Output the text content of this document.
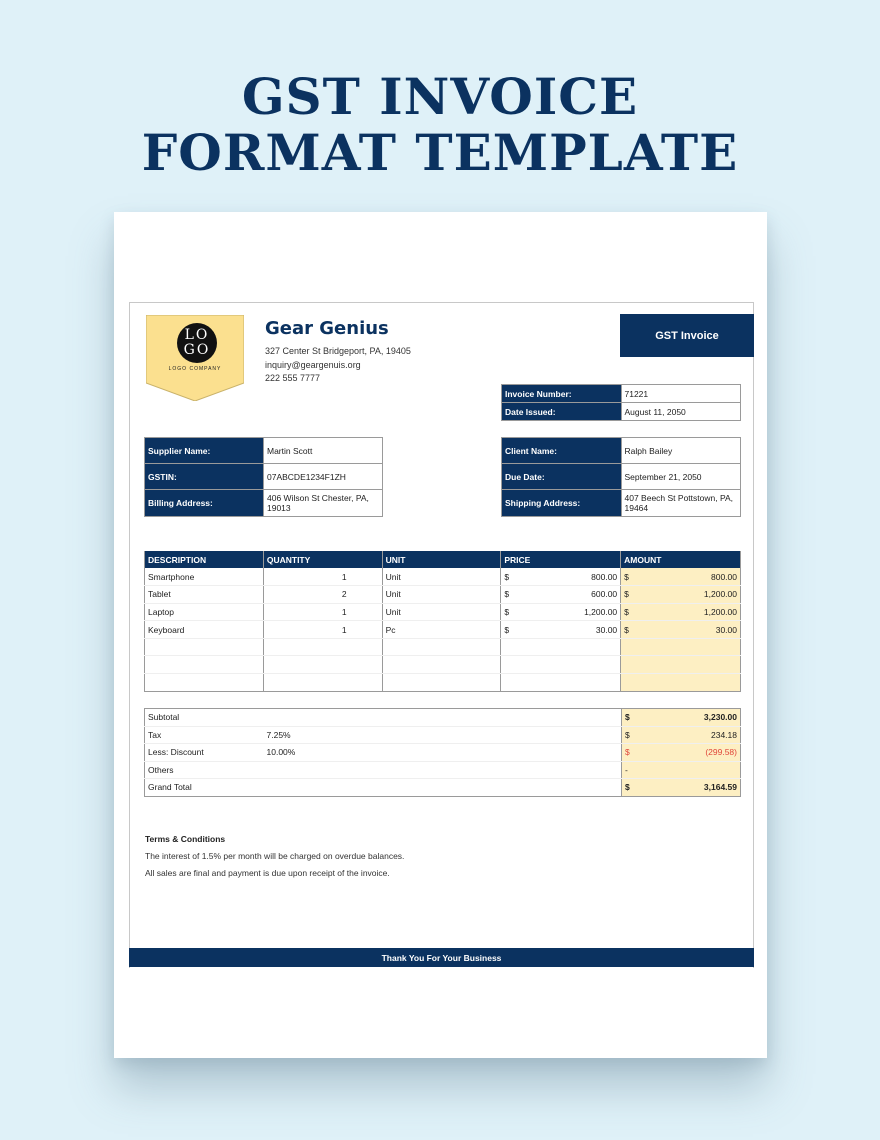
GST INVOICE
FORMAT TEMPLATE
LO
GO
LOGO COMPANY
Gear Genius
327 Center St Bridgeport, PA, 19405
inquiry@geargenuis.org
222 555 7777
GST Invoice
Invoice Number:	71221
Date Issued:	August 11, 2050
Supplier Name:	Martin Scott
GSTIN:	07ABCDE1234F1ZH
Billing Address:	406 Wilson St Chester, PA, 19013
Client Name:	Ralph Bailey
Due Date:	September 21, 2050
Shipping Address:	407 Beech St Pottstown, PA, 19464
DESCRIPTION	QUANTITY	UNIT	PRICE	AMOUNT
Smartphone	1	Unit	$ 800.00	$ 800.00

Tablet	2	Unit	$ 600.00	$ 1,200.00

Laptop	1	Unit	$ 1,200.00	$ 1,200.00

Keyboard	1	Pc	$ 30.00	$ 30.00

Subtotal				$ 3,230.00

Tax	7.25%			$ 234.18

Less: Discount	10.00%			$ (299.58)

Others				-

Grand Total				$ 3,164.59
Terms & Conditions
The interest of 1.5% per month will be charged on overdue balances.
All sales are final and payment is due upon receipt of the invoice.
Thank You For Your Business
